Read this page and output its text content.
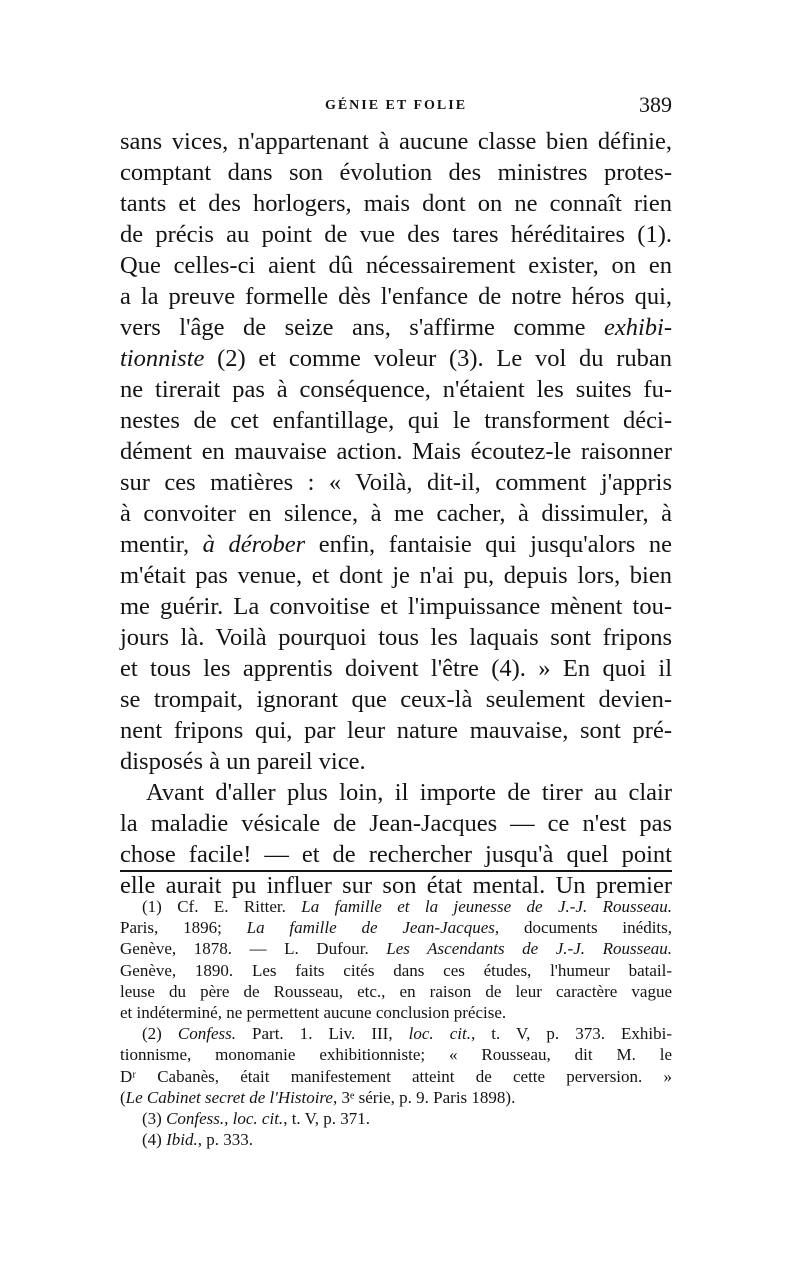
GÉNIE ET FOLIE	389
sans vices, n'appartenant à aucune classe bien définie,
comptant dans son évolution des ministres protes-
tants et des horlogers, mais dont on ne connaît rien
de précis au point de vue des tares héréditaires (1).
Que celles-ci aient dû nécessairement exister, on en
a la preuve formelle dès l'enfance de notre héros qui,
vers l'âge de seize ans, s'affirme comme exhibi-
tionniste (2) et comme voleur (3). Le vol du ruban
ne tirerait pas à conséquence, n'étaient les suites fu-
nestes de cet enfantillage, qui le transforment déci-
dément en mauvaise action. Mais écoutez-le raisonner
sur ces matières : « Voilà, dit-il, comment j'appris
à convoiter en silence, à me cacher, à dissimuler, à
mentir, à dérober enfin, fantaisie qui jusqu'alors ne
m'était pas venue, et dont je n'ai pu, depuis lors, bien
me guérir. La convoitise et l'impuissance mènent tou-
jours là. Voilà pourquoi tous les laquais sont fripons
et tous les apprentis doivent l'être (4). » En quoi il
se trompait, ignorant que ceux-là seulement devien-
nent fripons qui, par leur nature mauvaise, sont pré-
disposés à un pareil vice.
Avant d'aller plus loin, il importe de tirer au clair
la maladie vésicale de Jean-Jacques — ce n'est pas
chose facile! — et de rechercher jusqu'à quel point
elle aurait pu influer sur son état mental. Un premier
(1) Cf. E. Ritter. La famille et la jeunesse de J.-J. Rousseau.
Paris, 1896; La famille de Jean-Jacques, documents inédits,
Genève, 1878. — L. Dufour. Les Ascendants de J.-J. Rousseau.
Genève, 1890. Les faits cités dans ces études, l'humeur batail-
leuse du père de Rousseau, etc., en raison de leur caractère vague
et indéterminé, ne permettent aucune conclusion précise.
(2) Confess. Part. 1. Liv. III, loc. cit., t. V, p. 373. Exhibi-
tionnisme, monomanie exhibitionniste; « Rousseau, dit M. le
Dʳ Cabanès, était manifestement atteint de cette perversion. »
(Le Cabinet secret de l'Histoire, 3ᵉ série, p. 9. Paris 1898).
(3) Confess., loc. cit., t. V, p. 371.
(4) Ibid., p. 333.
